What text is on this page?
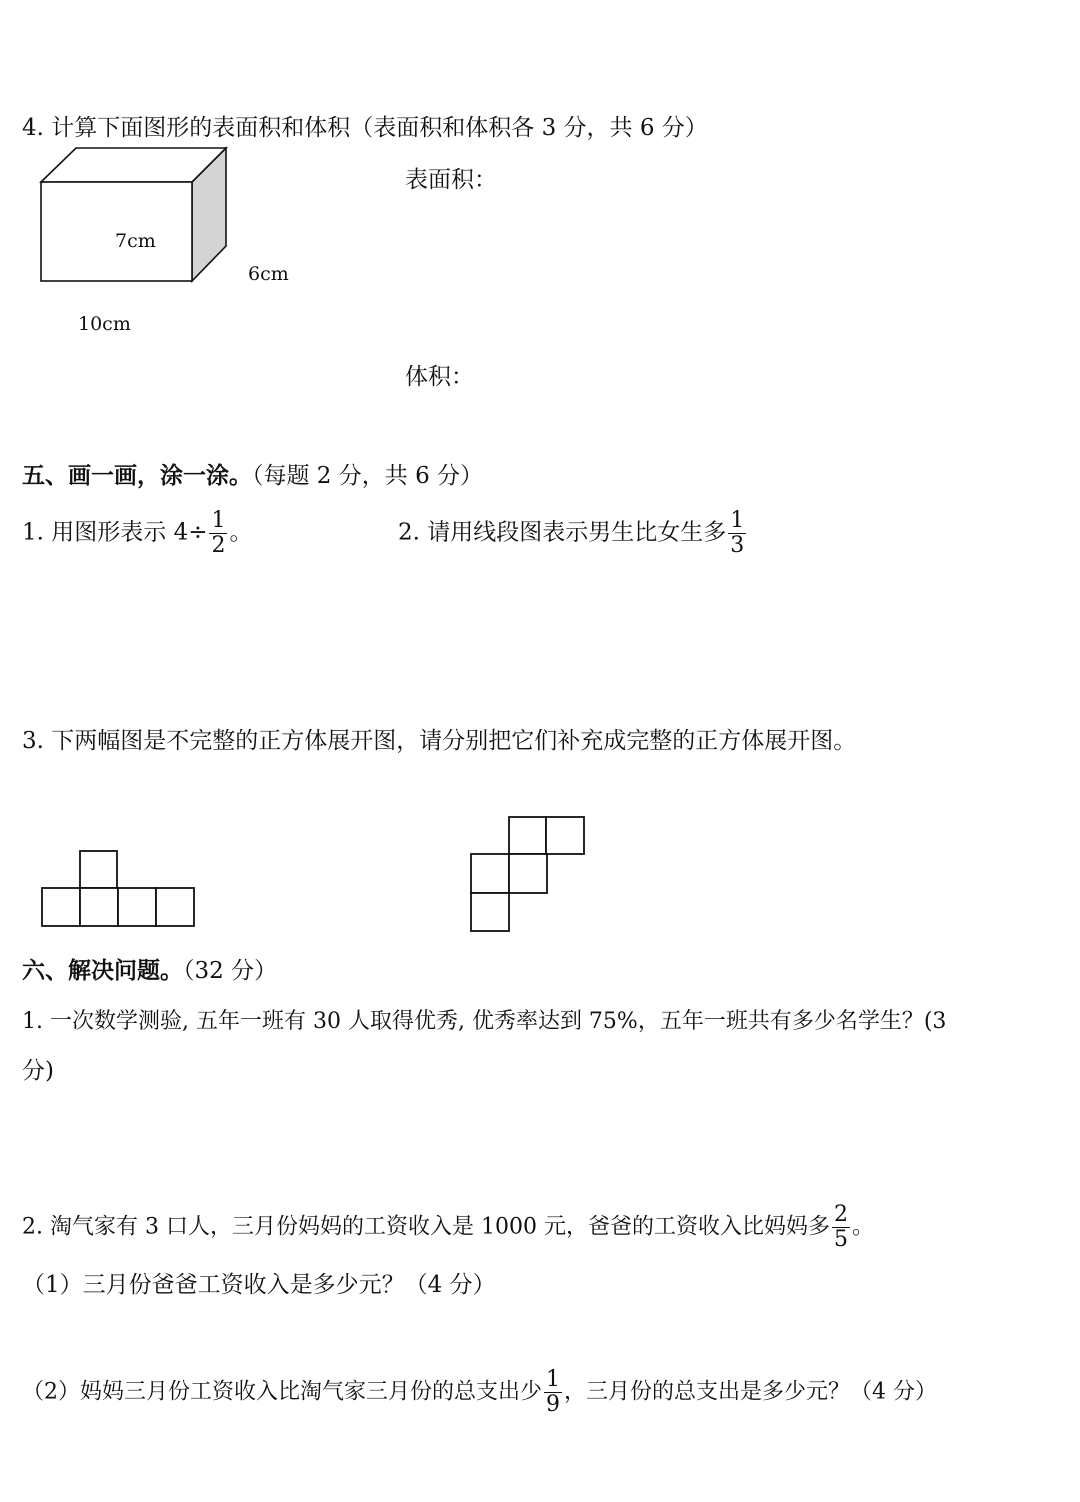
4. 计算下面图形的表面积和体积（表面积和体积各 3 分，共 6 分）
7cm
6cm
10cm
表面积：
体积：
五、画一画，涂一涂。（每题 2 分，共 6 分）
1. 用图形表示 $4\div \frac{1}{2}$ 。	2. 请用线段图表示男生比女生多 $\frac{1}{3}$
3. 下两幅图是不完整的正方体展开图，请分别把它们补充成完整的正方体展开图。
六、解决问题。（32 分）
1. 一次数学测验, 五年一班有 30 人取得优秀, 优秀率达到 75%，五年一班共有多少名学生？(3
分)
2. 淘气家有 3 口人，三月份妈妈的工资收入是 1000 元，爸爸的工资收入比妈妈多 $\frac{2}{5}$ 。
（1）三月份爸爸工资收入是多少元？（4 分）
（2）妈妈三月份工资收入比淘气家三月份的总支出少 $\frac{1}{9}$ ，三月份的总支出是多少元？（4 分）
